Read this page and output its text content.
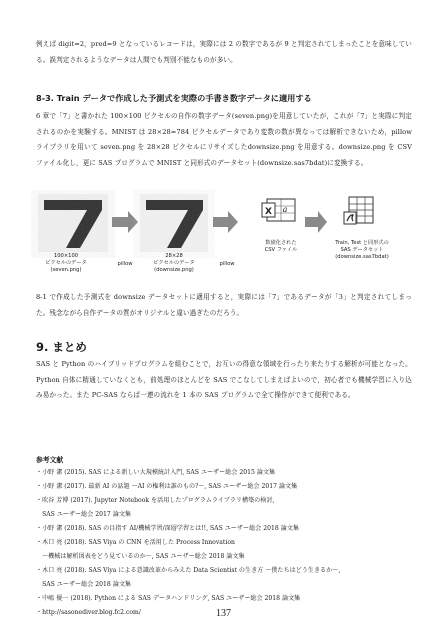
例えば digit=2，pred=9 となっているレコードは，実際には 2 の数字であるが 9 と判定されてしまったことを意味している。誤判定されるようなデータは人間でも判別不能なものが多い。

8-3. Train データで作成した予測式を実際の手書き数字データに適用する

6 章で「7」と書かれた 100×100 ピクセルの自作の数字データ(seven.png)を用意していたが，これが「7」と実際に判定されるのかを実験する。MNIST は 28×28=784 ピクセルデータであり変数の数が異なっては解析できないため，pillow ライブラリを用いて seven.png を 28×28 ピクセルにリサイズしたdownsize.png を用意する。downsize.png を CSV ファイル化し，更に SAS プログラムで MNIST と同形式のデータセット(downsize.sas7bdat)に変換する。

X a
100×100
ピクセルのデータ
(seven.png)
pillow
28×28
ピクセルのデータ
(downsize.png)
pillow
数値化された
CSV ファイル
Train, Test と同形式の
SAS データセット
(downsize.sas7bdat)

8-1 で作成した予測式を downsize データセットに適用すると，実際には「7」であるデータが「3」と判定されてしまった。残念ながら自作データの質がオリジナルと違い過ぎたのだろう。

9. まとめ

SAS と Python のハイブリッドプログラムを組むことで，お互いの得意な領域を行ったり来たりする解析が可能となった。Python 自体に精通していなくとも，前処理のほとんどを SAS でこなしてしまえばよいので，初心者でも機械学習に入り込み易かった。また PC-SAS ならば一連の流れを 1 本の SAS プログラムで全て操作ができて便利である。

参考文献
・小野 潔 (2015). SAS による新しい大規模統計入門, SAS ユーザー総会 2015 論文集
・小野 潔 (2017). 最新 AI の話題 ～AI の権利は誰のもの?～, SAS ユーザー総会 2017 論文集
・吹谷 芳博 (2017). Jupyter Notebook を活用したプログラムライブラリ構築の検討,
　SAS ユーザー総会 2017 論文集
・小野 潔 (2018). SAS の目指す AI/機械学習/深層学習とは!!, SAS ユーザー総会 2018 論文集
・木口 亮 (2018). SAS Viya の CNN を活用した Process Innovation
　～機械は解析図表をどう見ているのか～, SAS ユーザー総会 2018 論文集
・木口 亮 (2018). SAS Viya による意識改革からみえた Data Scientist の生き方 ～僕たちはどう生きるか～,
　SAS ユーザー総会 2018 論文集
・中嶋 優一 (2018). Python による SAS データハンドリング, SAS ユーザー総会 2018 論文集
・http://sasonediver.blog.fc2.com/	137
